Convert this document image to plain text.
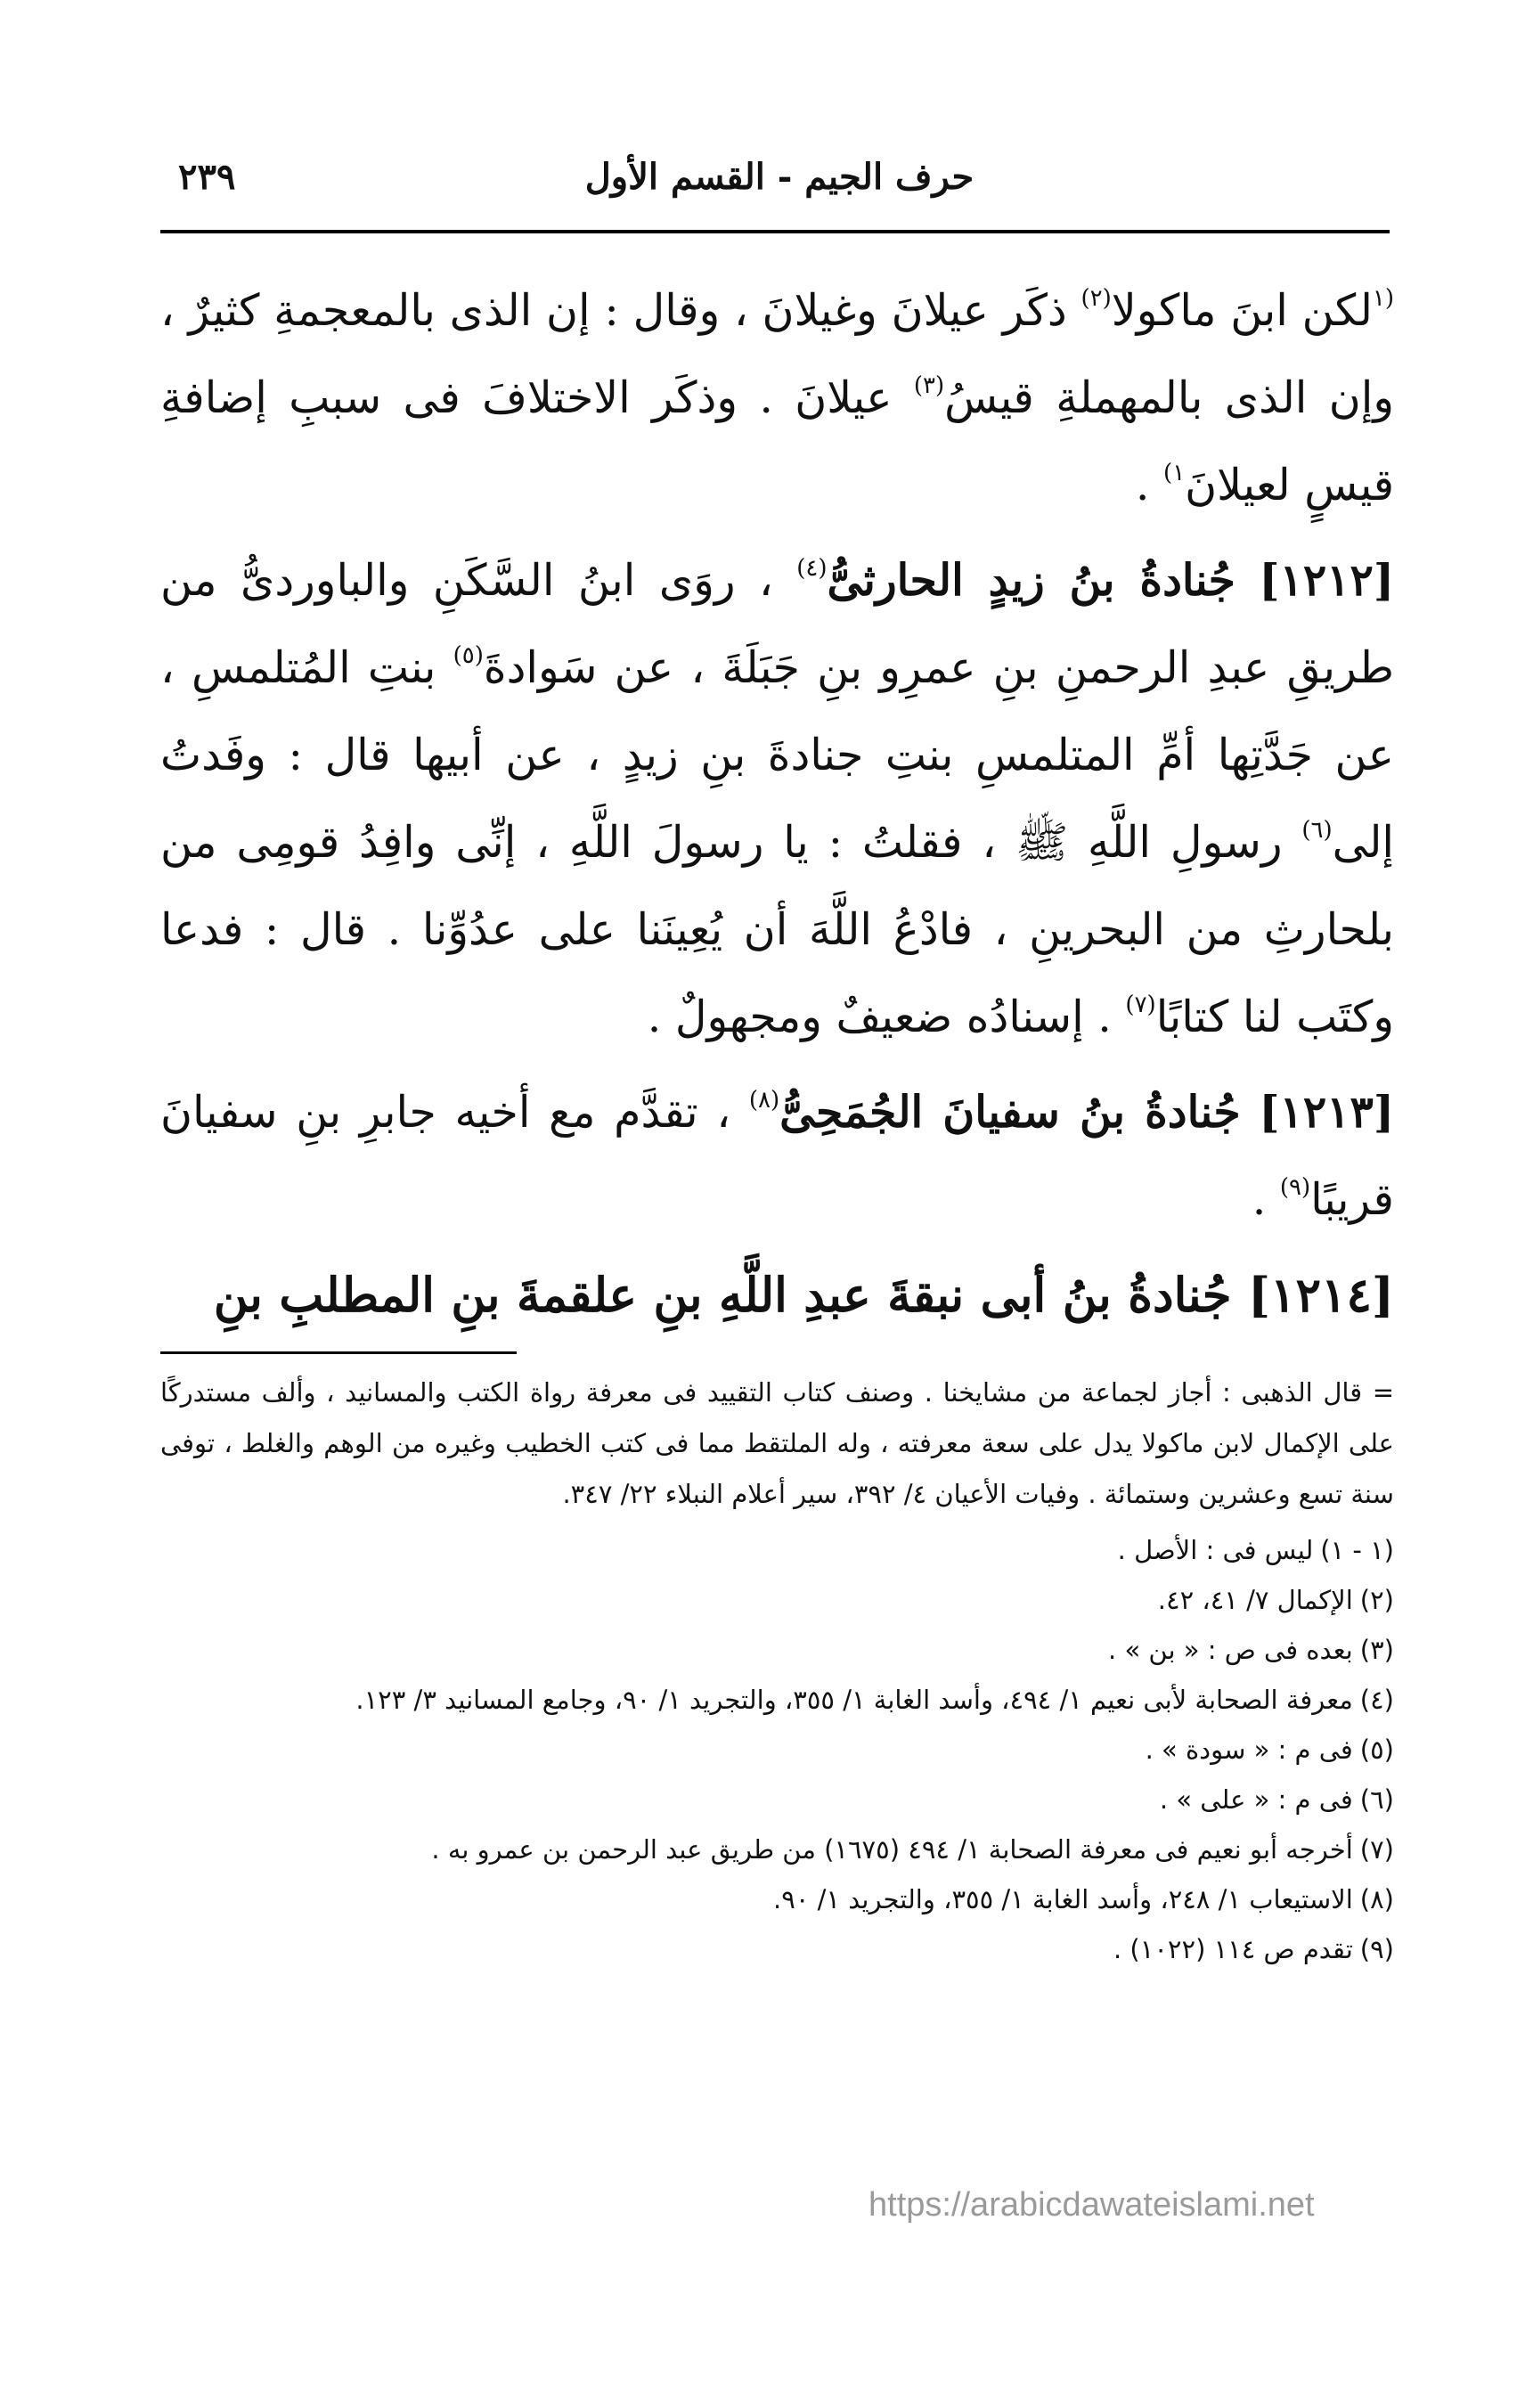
حرف الجيم - القسم الأول
٢٣٩

$^{(١}$لكن ابنَ ماكولا$^{(٢)}$ ذكَر عيلانَ وغيلانَ ، وقال : إن الذى بالمعجمةِ كثيرٌ ، وإن الذى بالمهملةِ قيسُ$^{(٣)}$ عيلانَ . وذكَر الاختلافَ فى سببِ إضافةِ قيسٍ لعيلانَ$^{١)}$ .

[١٢١٢] جُنادةُ بنُ زيدٍ الحارثىُّ$^{(٤)}$ ، روَى ابنُ السَّكَنِ والباوردىُّ من طريقِ عبدِ الرحمنِ بنِ عمرِو بنِ جَبَلَةَ ، عن سَوادةَ$^{(٥)}$ بنتِ المُتلمسِ ، عن جَدَّتِها أمِّ المتلمسِ بنتِ جنادةَ بنِ زيدٍ ، عن أبيها قال : وفَدتُ إلى$^{(٦)}$ رسولِ اللَّهِ ﷺ ، فقلتُ : يا رسولَ اللَّهِ ، إنِّى وافِدُ قومِى من بلحارثِ من البحرينِ ، فادْعُ اللَّهَ أن يُعِينَنا على عدُوِّنا . قال : فدعا وكتَب لنا كتابًا$^{(٧)}$ . إسنادُه ضعيفٌ ومجهولٌ .

[١٢١٣] جُنادةُ بنُ سفيانَ الجُمَحِىُّ$^{(٨)}$ ، تقدَّم مع أخيه جابرِ بنِ سفيانَ قريبًا$^{(٩)}$ .

[١٢١٤] جُنادةُ بنُ أبى نبقةَ عبدِ اللَّهِ بنِ علقمةَ بنِ المطلبِ بنِ

= قال الذهبى : أجاز لجماعة من مشايخنا . وصنف كتاب التقييد فى معرفة رواة الكتب والمسانيد ، وألف مستدركًا على الإكمال لابن ماكولا يدل على سعة معرفته ، وله الملتقط مما فى كتب الخطيب وغيره من الوهم والغلط ، توفى سنة تسع وعشرين وستمائة . وفيات الأعيان ٤/ ٣٩٢، سير أعلام النبلاء ٢٢/ ٣٤٧.

(١ - ١)ليس فى : الأصل .
(٢)الإكمال ٧/ ٤١، ٤٢.
(٣)بعده فى ص : « بن » .
(٤)معرفة الصحابة لأبى نعيم ١/ ٤٩٤، وأسد الغابة ١/ ٣٥٥، والتجريد ١/ ٩٠، وجامع المسانيد ٣/ ١٢٣.
(٥)فى م : « سودة » .
(٦)فى م : « على » .
(٧)أخرجه أبو نعيم فى معرفة الصحابة ١/ ٤٩٤ (١٦٧٥) من طريق عبد الرحمن بن عمرو به .
(٨)الاستيعاب ١/ ٢٤٨، وأسد الغابة ١/ ٣٥٥، والتجريد ١/ ٩٠.
(٩)تقدم ص ١١٤ (١٠٢٢) .
https://arabicdawateislami.net
